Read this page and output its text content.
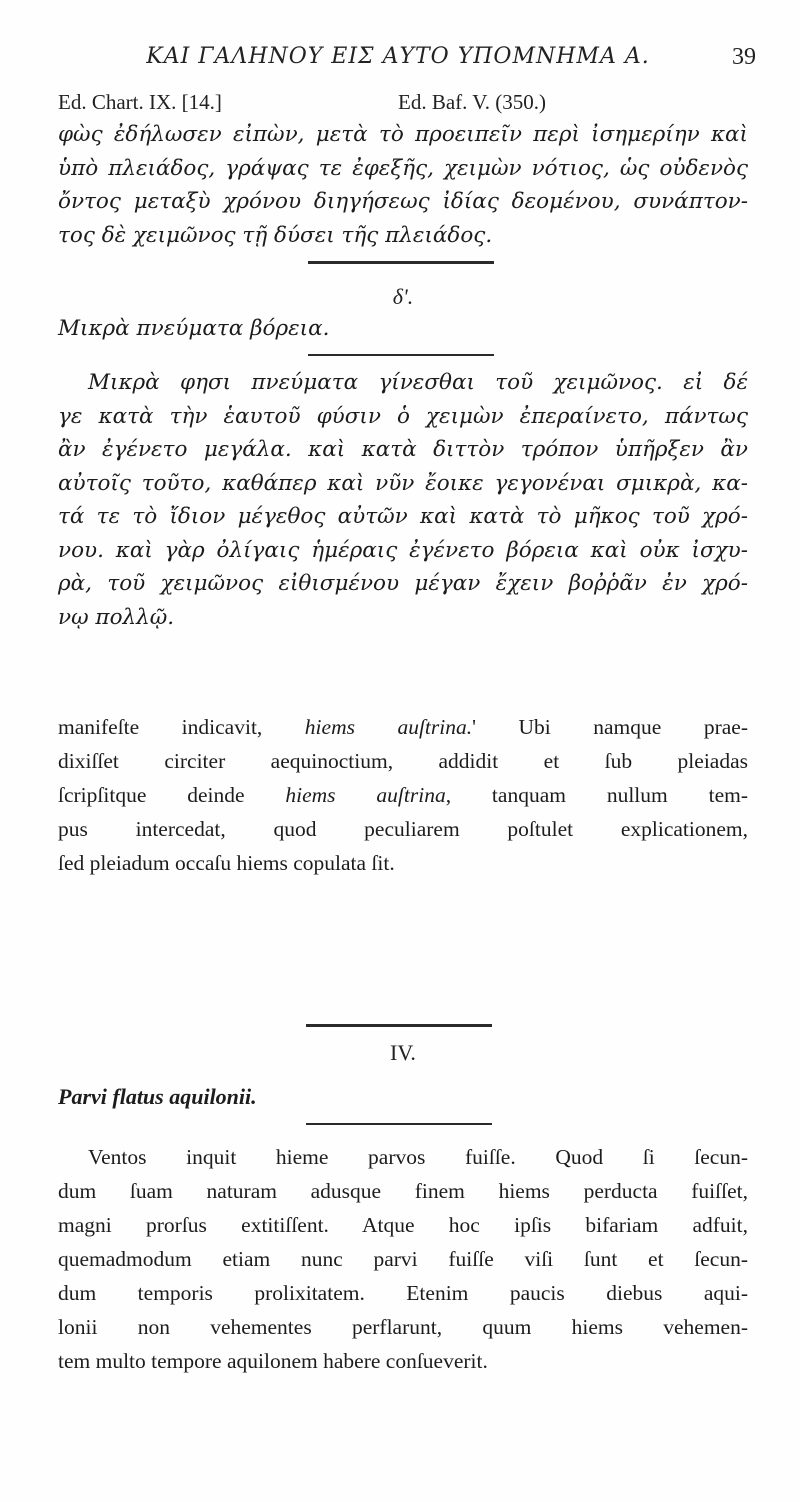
ΚΑΙ ΓΑΛΗΝΟΥ ΕΙΣ ΑΥΤΟ ΥΠΟΜΝΗΜΑ Α.	39
Ed. Chart. IX. [14.]	Ed. Baf. V. (350.)
φὼς ἐδήλωσεν εἰπὼν, μετὰ τὸ προειπεῖν περὶ ἰσημερίην καὶ
ὑπὸ πλειάδος, γράψας τε ἐφεξῆς, χειμὼν νότιος, ὡς οὐδενὸς
ὄντος μεταξὺ χρόνου διηγήσεως ἰδίας δεομένου, συνάπτον-
τος δὲ χειμῶνος τῇ δύσει τῆς πλειάδος.
δ'.
Μικρὰ πνεύματα βόρεια.
Μικρὰ φησι πνεύματα γίνεσθαι τοῦ χειμῶνος. εἰ δέ
γε κατὰ τὴν ἑαυτοῦ φύσιν ὁ χειμὼν ἐπεραίνετο, πάντως
ἂν ἐγένετο μεγάλα. καὶ κατὰ διττὸν τρόπον ὑπῆρξεν ἂν
αὐτοῖς τοῦτο, καθάπερ καὶ νῦν ἔοικε γεγονέναι σμικρὰ, κα-
τά τε τὸ ἴδιον μέγεθος αὐτῶν καὶ κατὰ τὸ μῆκος τοῦ χρό-
νου. καὶ γὰρ ὀλίγαις ἡμέραις ἐγένετο βόρεια καὶ οὐκ ἰσχυ-
ρὰ, τοῦ χειμῶνος εἰθισμένου μέγαν ἔχειν βοῤῥᾶν ἐν χρό-
νῳ πολλῷ.
manifeſte indicavit, hiems auſtrina.' Ubi namque prae-
dixiſſet circiter aequinoctium, addidit et ſub pleiadas
ſcripſitque deinde hiems auſtrina, tanquam nullum tem-
pus intercedat, quod peculiarem poſtulet explicationem,
ſed pleiadum occaſu hiems copulata ſit.
IV.
Parvi flatus aquilonii.
Ventos inquit hieme parvos fuiſſe. Quod ſi ſecun-
dum ſuam naturam adusque finem hiems perducta fuiſſet,
magni prorſus extitiſſent. Atque hoc ipſis bifariam adfuit,
quemadmodum etiam nunc parvi fuiſſe viſi ſunt et ſecun-
dum temporis prolixitatem. Etenim paucis diebus aqui-
lonii non vehementes perflarunt, quum hiems vehemen-
tem multo tempore aquilonem habere conſueverit.
